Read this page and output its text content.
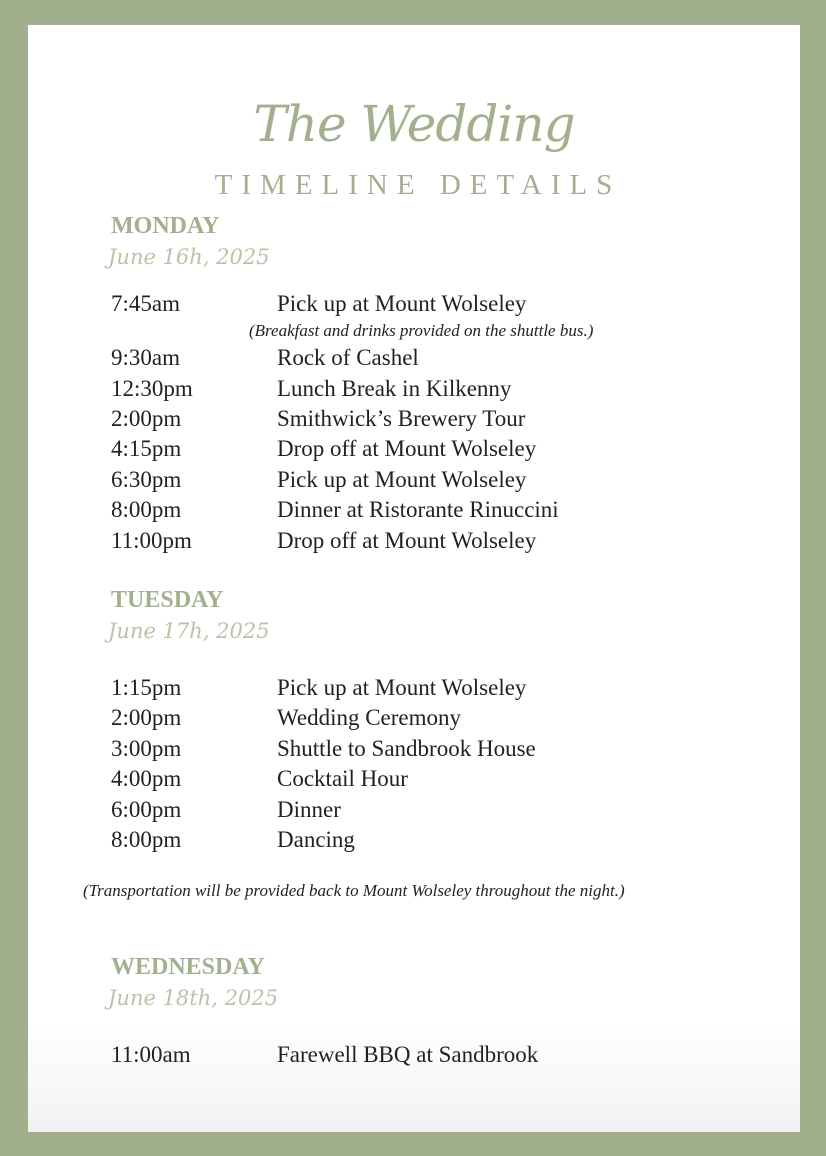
The Wedding
TIMELINE DETAILS
MONDAY
June 16h, 2025
7:45am	Pick up at Mount Wolseley
(Breakfast and drinks provided on the shuttle bus.)
9:30am	Rock of Cashel
12:30pm	Lunch Break in Kilkenny
2:00pm	Smithwick’s Brewery Tour
4:15pm	Drop off at Mount Wolseley
6:30pm	Pick up at Mount Wolseley
8:00pm	Dinner at Ristorante Rinuccini
11:00pm	Drop off at Mount Wolseley
TUESDAY
June 17h, 2025
1:15pm	Pick up at Mount Wolseley
2:00pm	Wedding Ceremony
3:00pm	Shuttle to Sandbrook House
4:00pm	Cocktail Hour
6:00pm	Dinner
8:00pm	Dancing
(Transportation will be provided back to Mount Wolseley throughout the night.)
WEDNESDAY
June 18th, 2025
11:00am	Farewell BBQ at Sandbrook
